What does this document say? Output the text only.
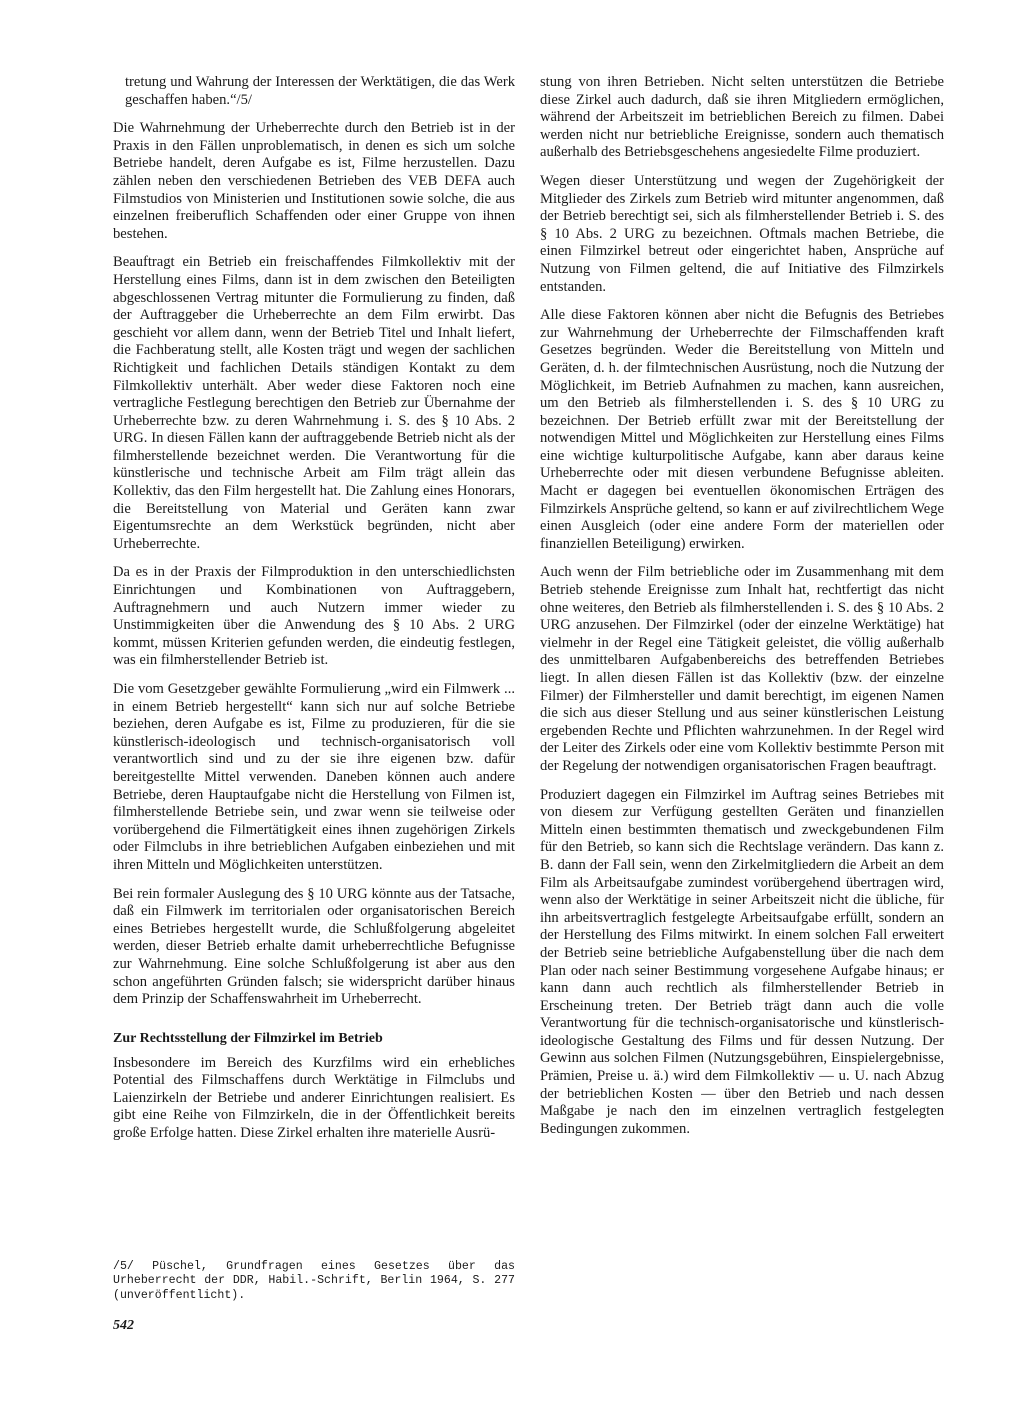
tretung und Wahrung der Interessen der Werktätigen, die das Werk geschaffen haben.“/5/

Die Wahrnehmung der Urheberrechte durch den Betrieb ist in der Praxis in den Fällen unproblematisch, in denen es sich um solche Betriebe handelt, deren Aufgabe es ist, Filme herzustellen. Dazu zählen neben den verschiedenen Betrieben des VEB DEFA auch Filmstudios von Ministerien und Institutionen sowie solche, die aus einzelnen freiberuflich Schaffenden oder einer Gruppe von ihnen bestehen.

Beauftragt ein Betrieb ein freischaffendes Filmkollektiv mit der Herstellung eines Films, dann ist in dem zwischen den Beteiligten abgeschlossenen Vertrag mitunter die Formulierung zu finden, daß der Auftraggeber die Urheberrechte an dem Film erwirbt. Das geschieht vor allem dann, wenn der Betrieb Titel und Inhalt liefert, die Fachberatung stellt, alle Kosten trägt und wegen der sachlichen Richtigkeit und fachlichen Details ständigen Kontakt zu dem Filmkollektiv unterhält. Aber weder diese Faktoren noch eine vertragliche Festlegung berechtigen den Betrieb zur Übernahme der Urheberrechte bzw. zu deren Wahrnehmung i. S. des § 10 Abs. 2 URG. In diesen Fällen kann der auftraggebende Betrieb nicht als der filmherstellende bezeichnet werden. Die Verantwortung für die künstlerische und technische Arbeit am Film trägt allein das Kollektiv, das den Film hergestellt hat. Die Zahlung eines Honorars, die Bereitstellung von Material und Geräten kann zwar Eigentumsrechte an dem Werkstück begründen, nicht aber Urheberrechte.

Da es in der Praxis der Filmproduktion in den unterschiedlichsten Einrichtungen und Kombinationen von Auftraggebern, Auftragnehmern und auch Nutzern immer wieder zu Unstimmigkeiten über die Anwendung des § 10 Abs. 2 URG kommt, müssen Kriterien gefunden werden, die eindeutig festlegen, was ein filmherstellender Betrieb ist.

Die vom Gesetzgeber gewählte Formulierung „wird ein Filmwerk ... in einem Betrieb hergestellt“ kann sich nur auf solche Betriebe beziehen, deren Aufgabe es ist, Filme zu produzieren, für die sie künstlerisch-ideologisch und technisch-organisatorisch voll verantwortlich sind und zu der sie ihre eigenen bzw. dafür bereitgestellte Mittel verwenden. Daneben können auch andere Betriebe, deren Hauptaufgabe nicht die Herstellung von Filmen ist, filmherstellende Betriebe sein, und zwar wenn sie teilweise oder vorübergehend die Filmertätigkeit eines ihnen zugehörigen Zirkels oder Filmclubs in ihre betrieblichen Aufgaben einbeziehen und mit ihren Mitteln und Möglichkeiten unterstützen.

Bei rein formaler Auslegung des § 10 URG könnte aus der Tatsache, daß ein Filmwerk im territorialen oder organisatorischen Bereich eines Betriebes hergestellt wurde, die Schlußfolgerung abgeleitet werden, dieser Betrieb erhalte damit urheberrechtliche Befugnisse zur Wahrnehmung. Eine solche Schlußfolgerung ist aber aus den schon angeführten Gründen falsch; sie widerspricht darüber hinaus dem Prinzip der Schaffenswahrheit im Urheberrecht.

Zur Rechtsstellung der Filmzirkel im Betrieb

Insbesondere im Bereich des Kurzfilms wird ein erhebliches Potential des Filmschaffens durch Werktätige in Filmclubs und Laienzirkeln der Betriebe und anderer Einrichtungen realisiert. Es gibt eine Reihe von Filmzirkeln, die in der Öffentlichkeit bereits große Erfolge hatten. Diese Zirkel erhalten ihre materielle Ausrü-

stung von ihren Betrieben. Nicht selten unterstützen die Betriebe diese Zirkel auch dadurch, daß sie ihren Mitgliedern ermöglichen, während der Arbeitszeit im betrieblichen Bereich zu filmen. Dabei werden nicht nur betriebliche Ereignisse, sondern auch thematisch außerhalb des Betriebsgeschehens angesiedelte Filme produziert.

Wegen dieser Unterstützung und wegen der Zugehörigkeit der Mitglieder des Zirkels zum Betrieb wird mitunter angenommen, daß der Betrieb berechtigt sei, sich als filmherstellender Betrieb i. S. des § 10 Abs. 2 URG zu bezeichnen. Oftmals machen Betriebe, die einen Filmzirkel betreut oder eingerichtet haben, Ansprüche auf Nutzung von Filmen geltend, die auf Initiative des Filmzirkels entstanden.

Alle diese Faktoren können aber nicht die Befugnis des Betriebes zur Wahrnehmung der Urheberrechte der Filmschaffenden kraft Gesetzes begründen. Weder die Bereitstellung von Mitteln und Geräten, d. h. der filmtechnischen Ausrüstung, noch die Nutzung der Möglichkeit, im Betrieb Aufnahmen zu machen, kann ausreichen, um den Betrieb als filmherstellenden i. S. des § 10 URG zu bezeichnen. Der Betrieb erfüllt zwar mit der Bereitstellung der notwendigen Mittel und Möglichkeiten zur Herstellung eines Films eine wichtige kulturpolitische Aufgabe, kann aber daraus keine Urheberrechte oder mit diesen verbundene Befugnisse ableiten. Macht er dagegen bei eventuellen ökonomischen Erträgen des Filmzirkels Ansprüche geltend, so kann er auf zivilrechtlichem Wege einen Ausgleich (oder eine andere Form der materiellen oder finanziellen Beteiligung) erwirken.

Auch wenn der Film betriebliche oder im Zusammenhang mit dem Betrieb stehende Ereignisse zum Inhalt hat, rechtfertigt das nicht ohne weiteres, den Betrieb als filmherstellenden i. S. des § 10 Abs. 2 URG anzusehen. Der Filmzirkel (oder der einzelne Werktätige) hat vielmehr in der Regel eine Tätigkeit geleistet, die völlig außerhalb des unmittelbaren Aufgabenbereichs des betreffenden Betriebes liegt. In allen diesen Fällen ist das Kollektiv (bzw. der einzelne Filmer) der Filmhersteller und damit berechtigt, im eigenen Namen die sich aus dieser Stellung und aus seiner künstlerischen Leistung ergebenden Rechte und Pflichten wahrzunehmen. In der Regel wird der Leiter des Zirkels oder eine vom Kollektiv bestimmte Person mit der Regelung der notwendigen organisatorischen Fragen beauftragt.

Produziert dagegen ein Filmzirkel im Auftrag seines Betriebes mit von diesem zur Verfügung gestellten Geräten und finanziellen Mitteln einen bestimmten thematisch und zweckgebundenen Film für den Betrieb, so kann sich die Rechtslage verändern. Das kann z. B. dann der Fall sein, wenn den Zirkelmitgliedern die Arbeit an dem Film als Arbeitsaufgabe zumindest vorübergehend übertragen wird, wenn also der Werktätige in seiner Arbeitszeit nicht die übliche, für ihn arbeitsvertraglich festgelegte Arbeitsaufgabe erfüllt, sondern an der Herstellung des Films mitwirkt. In einem solchen Fall erweitert der Betrieb seine betriebliche Aufgabenstellung über die nach dem Plan oder nach seiner Bestimmung vorgesehene Aufgabe hinaus; er kann dann auch rechtlich als filmherstellender Betrieb in Erscheinung treten. Der Betrieb trägt dann auch die volle Verantwortung für die technisch-organisatorische und künstlerisch-ideologische Gestaltung des Films und für dessen Nutzung. Der Gewinn aus solchen Filmen (Nutzungsgebühren, Einspielergebnisse, Prämien, Preise u. ä.) wird dem Filmkollektiv — u. U. nach Abzug der betrieblichen Kosten — über den Betrieb und nach dessen Maßgabe je nach den im einzelnen vertraglich festgelegten Bedingungen zukommen.

/5/ Püschel, Grundfragen eines Gesetzes über das Urheberrecht der DDR, Habil.-Schrift, Berlin 1964, S. 277 (unveröffentlicht).
542
